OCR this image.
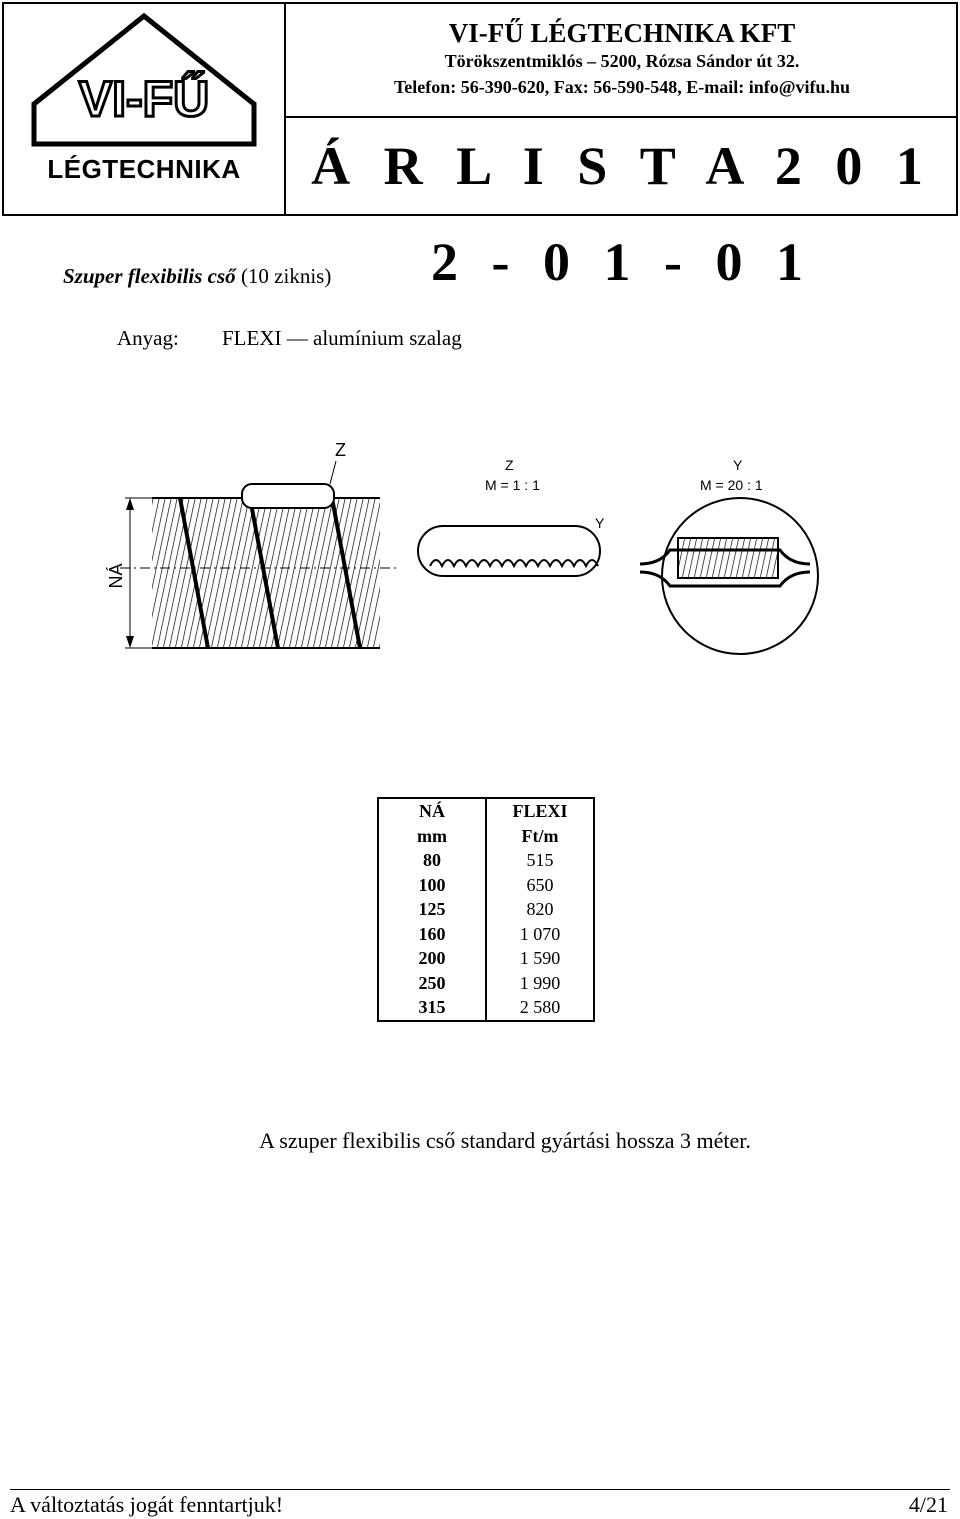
VI-FŰ
LÉGTECHNIKA
VI-FŰ LÉGTECHNIKA KFT
Törökszentmiklós – 5200, Rózsa Sándor út 32.
Telefon: 56-390-620, Fax: 56-590-548, E-mail: info@vifu.hu
Á R L I S T A 2 0 1 2 - 0 1 - 0 1
Szuper flexibilis cső (10 ziknis)
Anyag: FLEXI — alumínium szalag
NÁ
Z
Z
M = 1 : 1
Y
Y
M = 20 : 1
NÁ	FLEXI
mm	Ft/m
80	515
100	650
125	820
160	1 070
200	1 590
250	1 990
315	2 580
A szuper flexibilis cső standard gyártási hossza 3 méter.
A változtatás jogát fenntartjuk!	4/21
